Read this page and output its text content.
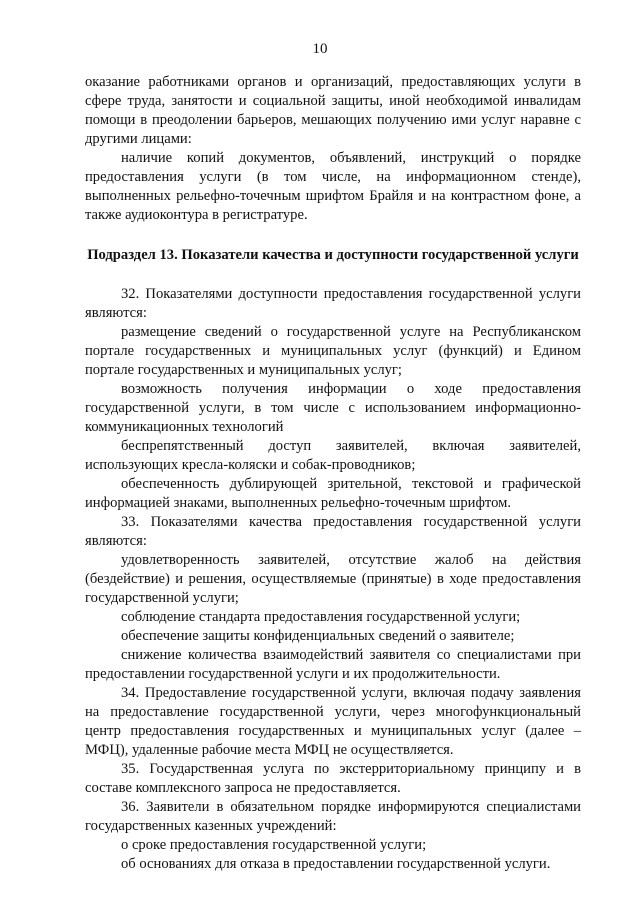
10

оказание работниками органов и организаций, предоставляющих услуги в сфере труда, занятости и социальной защиты, иной необходимой инвалидам помощи в преодолении барьеров, мешающих получению ими услуг наравне с другими лицами:

наличие копий документов, объявлений, инструкций о порядке предоставления услуги (в том числе, на информационном стенде), выполненных рельефно-точечным шрифтом Брайля и на контрастном фоне, а также аудиоконтура в регистратуре.

Подраздел 13. Показатели качества и доступности государственной услуги

32. Показателями доступности предоставления государственной услуги являются:

размещение сведений о государственной услуге на Республиканском портале государственных и муниципальных услуг (функций) и Едином портале государственных и муниципальных услуг;

возможность получения информации о ходе предоставления государственной услуги, в том числе с использованием информационно-коммуникационных технологий

беспрепятственный доступ заявителей, включая заявителей, использующих кресла-коляски и собак-проводников;

обеспеченность дублирующей зрительной, текстовой и графической информацией знаками, выполненных рельефно-точечным шрифтом.

33. Показателями качества предоставления государственной услуги являются:

удовлетворенность заявителей, отсутствие жалоб на действия (бездействие) и решения, осуществляемые (принятые) в ходе предоставления государственной услуги;

соблюдение стандарта предоставления государственной услуги;

обеспечение защиты конфиденциальных сведений о заявителе;

снижение количества взаимодействий заявителя со специалистами при предоставлении государственной услуги и их продолжительности.

34. Предоставление государственной услуги, включая подачу заявления на предоставление государственной услуги, через многофункциональный центр предоставления государственных и муниципальных услуг (далее – МФЦ), удаленные рабочие места МФЦ не осуществляется.

35. Государственная услуга по экстерриториальному принципу и в составе комплексного запроса не предоставляется.

36. Заявители в обязательном порядке информируются специалистами государственных казенных учреждений:

о сроке предоставления государственной услуги;

об основаниях для отказа в предоставлении государственной услуги.
